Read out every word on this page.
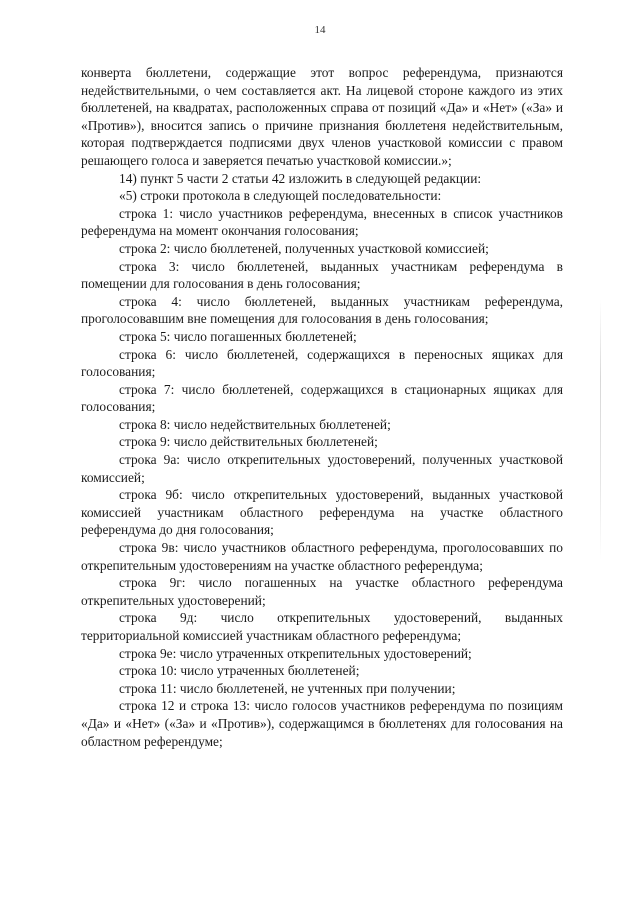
14

конверта бюллетени, содержащие этот вопрос референдума, признаются недействительными, о чем составляется акт. На лицевой стороне каждого из этих бюллетеней, на квадратах, расположенных справа от позиций «Да» и «Нет» («За» и «Против»), вносится запись о причине признания бюллетеня недействительным, которая подтверждается подписями двух членов участковой комиссии с правом решающего голоса и заверяется печатью участковой комиссии.»;

14) пункт 5 части 2 статьи 42 изложить в следующей редакции:

«5) строки протокола в следующей последовательности:

строка 1: число участников референдума, внесенных в список участников референдума на момент окончания голосования;

строка 2: число бюллетеней, полученных участковой комиссией;

строка 3: число бюллетеней, выданных участникам референдума в помещении для голосования в день голосования;

строка 4: число бюллетеней, выданных участникам референдума, проголосовавшим вне помещения для голосования в день голосования;

строка 5: число погашенных бюллетеней;

строка 6: число бюллетеней, содержащихся в переносных ящиках для голосования;

строка 7: число бюллетеней, содержащихся в стационарных ящиках для голосования;

строка 8: число недействительных бюллетеней;

строка 9: число действительных бюллетеней;

строка 9а: число открепительных удостоверений, полученных участковой комиссией;

строка 9б: число открепительных удостоверений, выданных участковой комиссией участникам областного референдума на участке областного референдума до дня голосования;

строка 9в: число участников областного референдума, проголосовавших по открепительным удостоверениям на участке областного референдума;

строка 9г: число погашенных на участке областного референдума открепительных удостоверений;

строка 9д: число открепительных удостоверений, выданных территориальной комиссией участникам областного референдума;

строка 9е: число утраченных открепительных удостоверений;

строка 10: число утраченных бюллетеней;

строка 11: число бюллетеней, не учтенных при получении;

строка 12 и строка 13: число голосов участников референдума по позициям «Да» и «Нет» («За» и «Против»), содержащимся в бюллетенях для голосования на областном референдуме;
